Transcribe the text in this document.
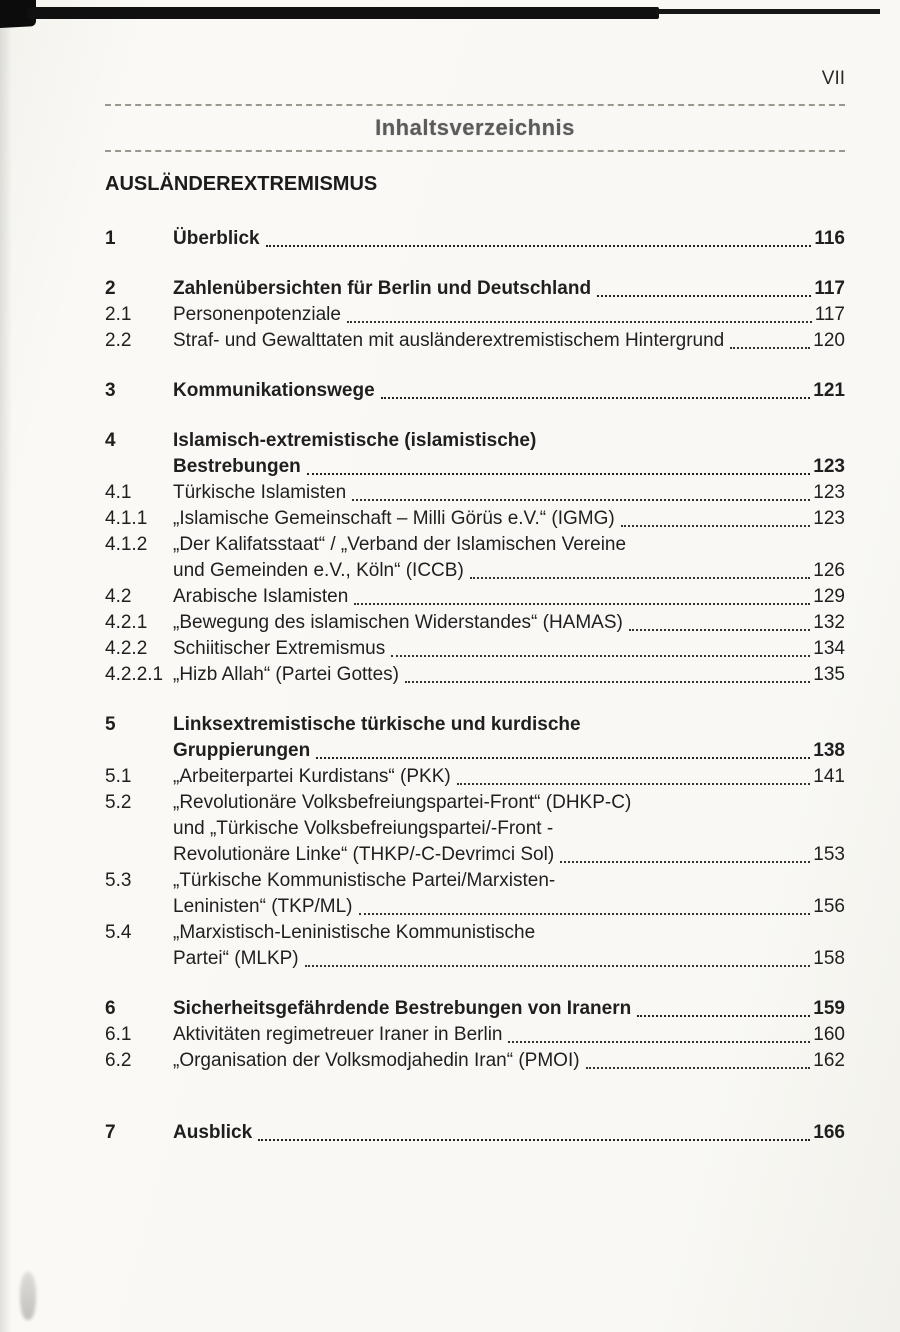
VII
Inhaltsverzeichnis
AUSLÄNDEREXTREMISMUS
1	Überblick	116
2	Zahlenübersichten für Berlin und Deutschland	117
2.1	Personenpotenziale	117
2.2	Straf- und Gewalttaten mit ausländerextremistischem Hintergrund	120
3	Kommunikationswege	121
4	Islamisch-extremistische (islamistische)
Bestrebungen	123
4.1	Türkische Islamisten	123
4.1.1	„Islamische Gemeinschaft – Milli Görüs e.V.“ (IGMG)	123
4.1.2	„Der Kalifatsstaat“ / „Verband der Islamischen Vereine
und Gemeinden e.V., Köln“ (ICCB)	126
4.2	Arabische Islamisten	129
4.2.1	„Bewegung des islamischen Widerstandes“ (HAMAS)	132
4.2.2	Schiitischer Extremismus	134
4.2.2.1 „Hizb Allah“ (Partei Gottes)	135
5	Linksextremistische türkische und kurdische
Gruppierungen	138
5.1	„Arbeiterpartei Kurdistans“ (PKK)	141
5.2	„Revolutionäre Volksbefreiungspartei-Front“ (DHKP-C)
und „Türkische Volksbefreiungspartei/-Front -
Revolutionäre Linke“ (THKP/-C-Devrimci Sol)	153
5.3	„Türkische Kommunistische Partei/Marxisten-
Leninisten“ (TKP/ML)	156
5.4	„Marxistisch-Leninistische Kommunistische
Partei“ (MLKP)	158
6	Sicherheitsgefährdende Bestrebungen von Iranern	159
6.1	Aktivitäten regimetreuer Iraner in Berlin	160
6.2	„Organisation der Volksmodjahedin Iran“ (PMOI)	162
7	Ausblick	166
